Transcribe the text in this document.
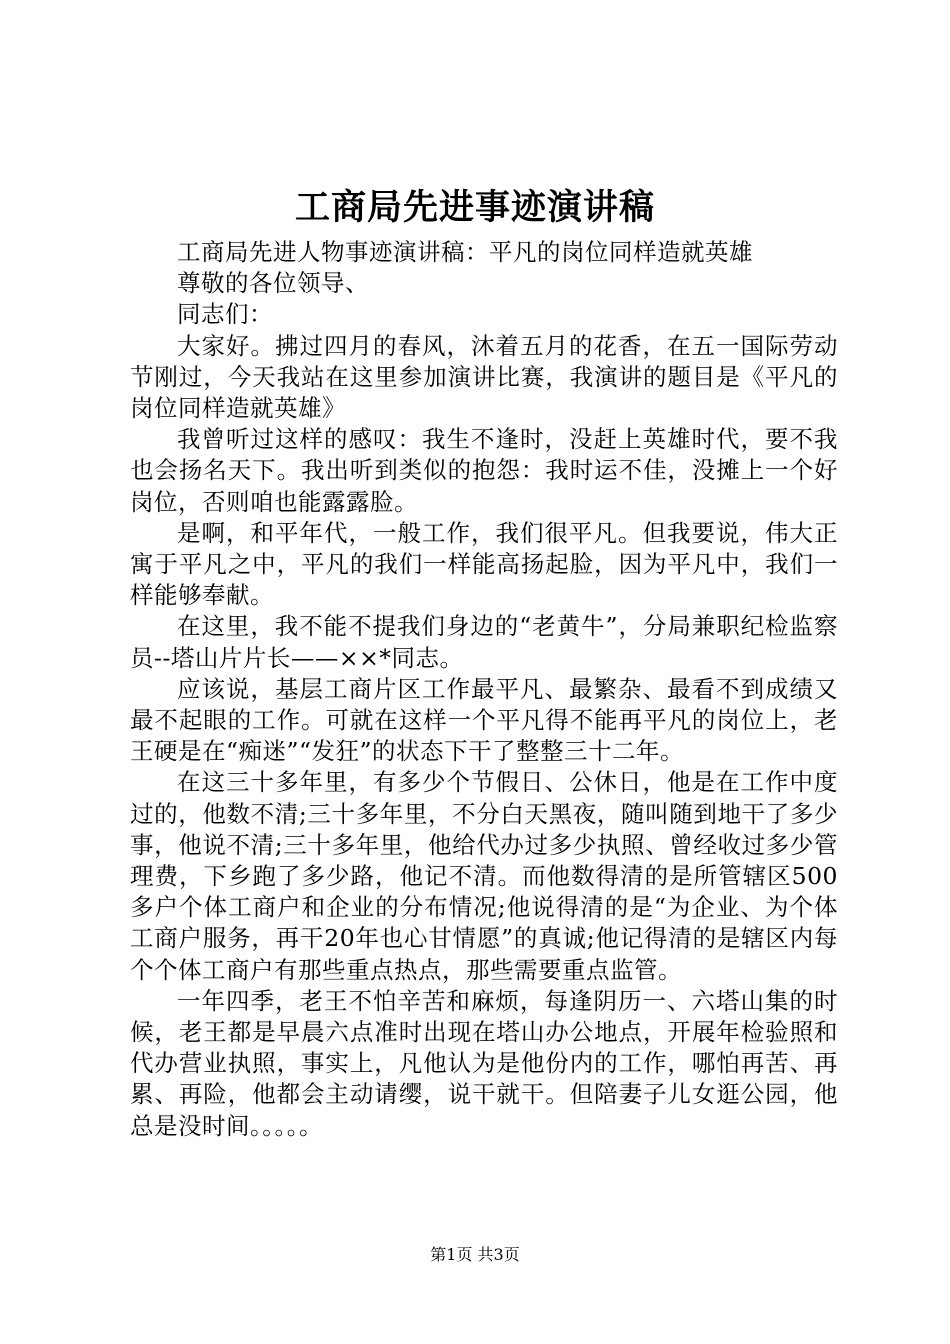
工商局先进事迹演讲稿

工商局先进人物事迹演讲稿：平凡的岗位同样造就英雄

尊敬的各位领导、

同志们：

大家好。拂过四月的春风，沐着五月的花香，在五一国际劳动节刚过，今天我站在这里参加演讲比赛，我演讲的题目是《平凡的岗位同样造就英雄》

我曾听过这样的感叹：我生不逢时，没赶上英雄时代，要不我也会扬名天下。我出听到类似的抱怨：我时运不佳，没摊上一个好岗位，否则咱也能露露脸。

是啊，和平年代，一般工作，我们很平凡。但我要说，伟大正寓于平凡之中，平凡的我们一样能高扬起脸，因为平凡中，我们一样能够奉献。

在这里，我不能不提我们身边的“老黄牛”，分局兼职纪检监察员--塔山片片长——××*同志。

应该说，基层工商片区工作最平凡、最繁杂、最看不到成绩又最不起眼的工作。可就在这样一个平凡得不能再平凡的岗位上，老王硬是在“痴迷”“发狂”的状态下干了整整三十二年。

在这三十多年里，有多少个节假日、公休日，他是在工作中度过的，他数不清;三十多年里，不分白天黑夜，随叫随到地干了多少事，他说不清;三十多年里，他给代办过多少执照、曾经收过多少管理费，下乡跑了多少路，他记不清。而他数得清的是所管辖区500多户个体工商户和企业的分布情况;他说得清的是“为企业、为个体工商户服务，再干20年也心甘情愿”的真诚;他记得清的是辖区内每个个体工商户有那些重点热点，那些需要重点监管。

一年四季，老王不怕辛苦和麻烦，每逢阴历一、六塔山集的时候，老王都是早晨六点准时出现在塔山办公地点，开展年检验照和代办营业执照，事实上，凡他认为是他份内的工作，哪怕再苦、再累、再险，他都会主动请缨，说干就干。但陪妻子儿女逛公园，他总是没时间。。。。。

第1页 共3页
